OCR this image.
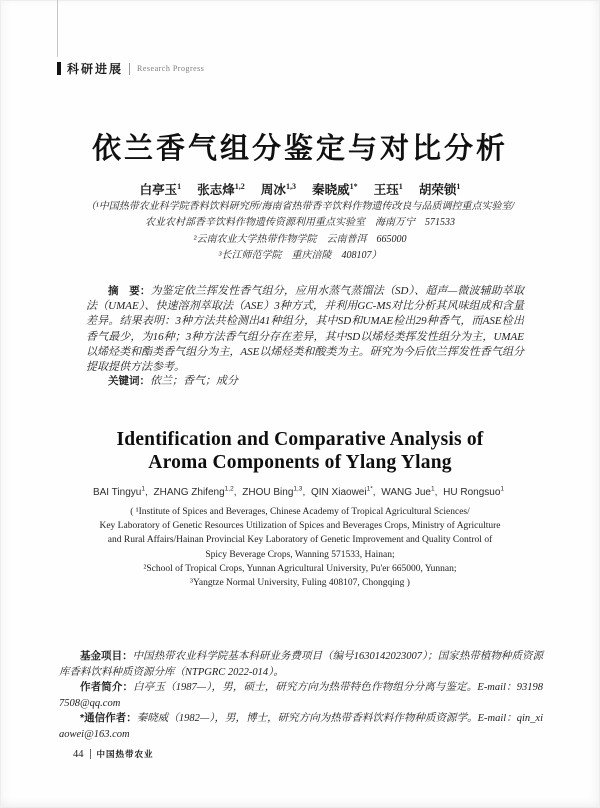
科研进展 Research Progress
依兰香气组分鉴定与对比分析
白亭玉$^1$ 张志烽$^{1,2}$ 周冰$^{1,3}$ 秦晓威$^{1*}$ 王珏$^1$ 胡荣锁$^1$
（¹中国热带农业科学院香料饮料研究所/海南省热带香辛饮料作物遗传改良与品质调控重点实验室/
农业农村部香辛饮料作物遗传资源利用重点实验室　海南万宁　571533
²云南农业大学热带作物学院　云南普洱　665000
³长江师范学院　重庆涪陵　408107）

摘　要：为鉴定依兰挥发性香气组分，应用水蒸气蒸馏法（SD）、超声—微波辅助萃取法（UMAE）、快速溶剂萃取法（ASE）3种方式，并利用GC-MS对比分析其风味组成和含量差异。结果表明：3种方法共检测出41种组分，其中SD和UMAE检出29种香气，而ASE检出香气最少，为16种；3种方法香气组分存在差异，其中SD以烯烃类挥发性组分为主，UMAE以烯烃类和酯类香气组分为主，ASE以烯烃类和酸类为主。研究为今后依兰挥发性香气组分提取提供方法参考。

关键词：依兰；香气；成分

Identification and Comparative Analysis of
Aroma Components of Ylang Ylang
BAI Tingyu$^1$, ZHANG Zhifeng$^{1,2}$, ZHOU Bing$^{1,3}$, QIN Xiaowei$^{1*}$, WANG Jue$^1$, HU Rongsuo$^1$
( ¹Institute of Spices and Beverages, Chinese Academy of Tropical Agricultural Sciences/
Key Laboratory of Genetic Resources Utilization of Spices and Beverages Crops, Ministry of Agriculture
and Rural Affairs/Hainan Provincial Key Laboratory of Genetic Improvement and Quality Control of
Spicy Beverage Crops, Wanning 571533, Hainan;
²School of Tropical Crops, Yunnan Agricultural University, Pu'er 665000, Yunnan;
³Yangtze Normal University, Fuling 408107, Chongqing )

基金项目：中国热带农业科学院基本科研业务费项目（编号1630142023007）；国家热带植物种质资源库香料饮料种质资源分库（NTPGRC 2022-014）。

作者简介：白亭玉（1987—），男，硕士，研究方向为热带特色作物组分分离与鉴定。E-mail：931987508@qq.com

*通信作者：秦晓威（1982—），男，博士，研究方向为热带香料饮料作物种质资源学。E-mail：qin_xiaowei@163.com

44 中国热带农业
